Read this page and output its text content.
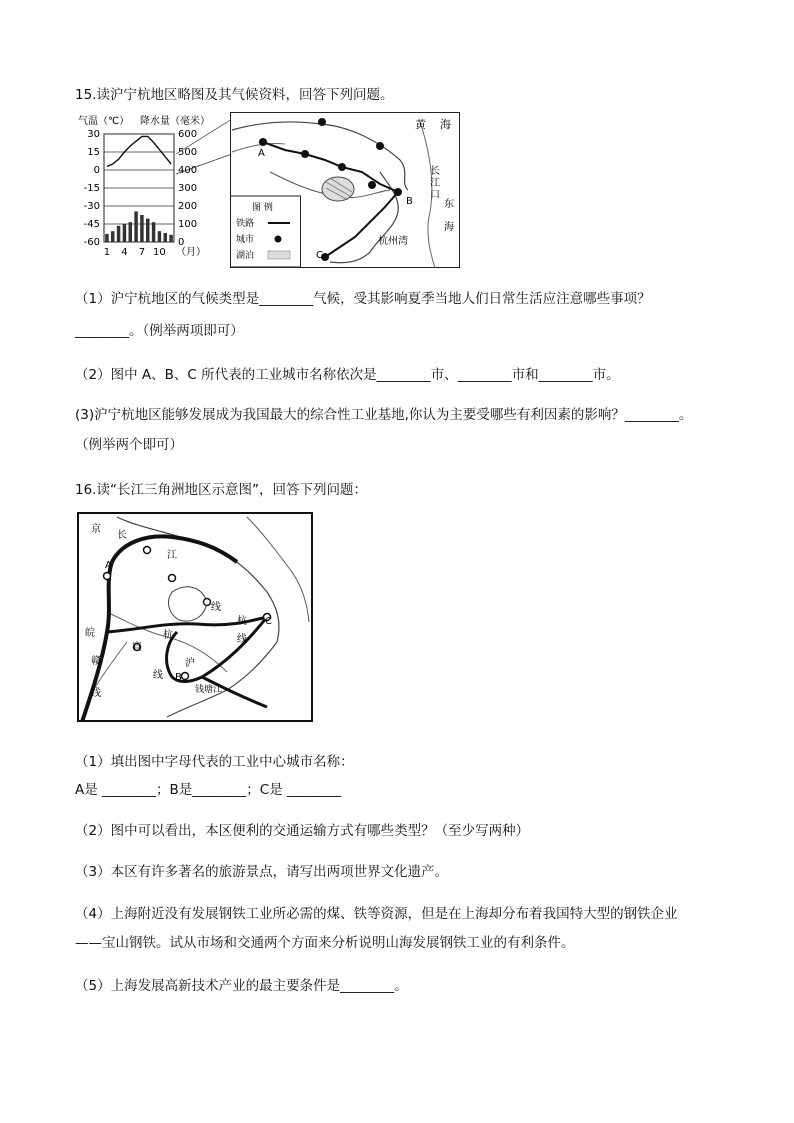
15.读沪宁杭地区略图及其气候资料，回答下列问题。
气温（℃） 降水量（毫米）
30	600
15	500
0	400
-15	300
-30	200
-45	100
-60	0
1 4 7 10 （月）
A
B
C
黄 海
长
江
口
东
海
杭州湾
图 例
铁路
城市
湖泊
（1）沪宁杭地区的气候类型是________气候，受其影响夏季当地人们日常生活应注意哪些事项？
________。（例举两项即可）
（2）图中 A、B、C 所代表的工业城市名称依次是________市、________市和________市。
(3)沪宁杭地区能够发展成为我国最大的综合性工业基地,你认为主要受哪些有利因素的影响？________。
（例举两个即可）
16.读“长江三角洲地区示意图”，回答下列问题：
A
B
C
京
长
江
皖
赣
线
宣
杭
线
沪
杭
线
钱塘江
线
（1）填出图中字母代表的工业中心城市名称：
A是 ________；B是________；C是 ________
（2）图中可以看出，本区便利的交通运输方式有哪些类型？（至少写两种）
（3）本区有许多著名的旅游景点，请写出两项世界文化遗产。
（4）上海附近没有发展钢铁工业所必需的煤、铁等资源，但是在上海却分布着我国特大型的钢铁企业
——宝山钢铁。试从市场和交通两个方面来分析说明山海发展钢铁工业的有利条件。
（5）上海发展高新技术产业的最主要条件是________。
